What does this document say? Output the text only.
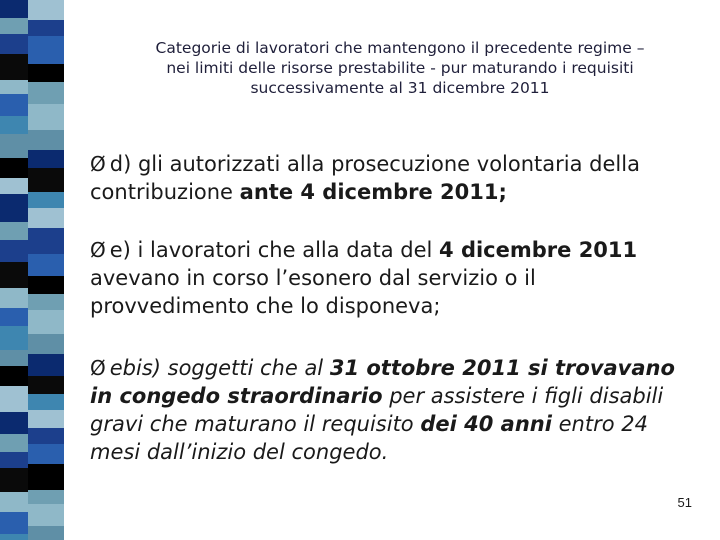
Categorie di lavoratori che mantengono il precedente regime –
nei limiti delle risorse prestabilite - pur maturando i requisiti
successivamente al 31 dicembre 2011
Ø d) gli autorizzati alla prosecuzione volontaria della contribuzione ante 4 dicembre 2011;
Ø e) i lavoratori che alla data del 4 dicembre 2011 avevano in corso l’esonero dal servizio o il provvedimento che lo disponeva;
Ø ebis) soggetti che al 31 ottobre 2011 si trovavano in congedo straordinario per assistere i figli disabili gravi che maturano il requisito dei 40 anni entro 24 mesi dall’inizio del congedo.
51
